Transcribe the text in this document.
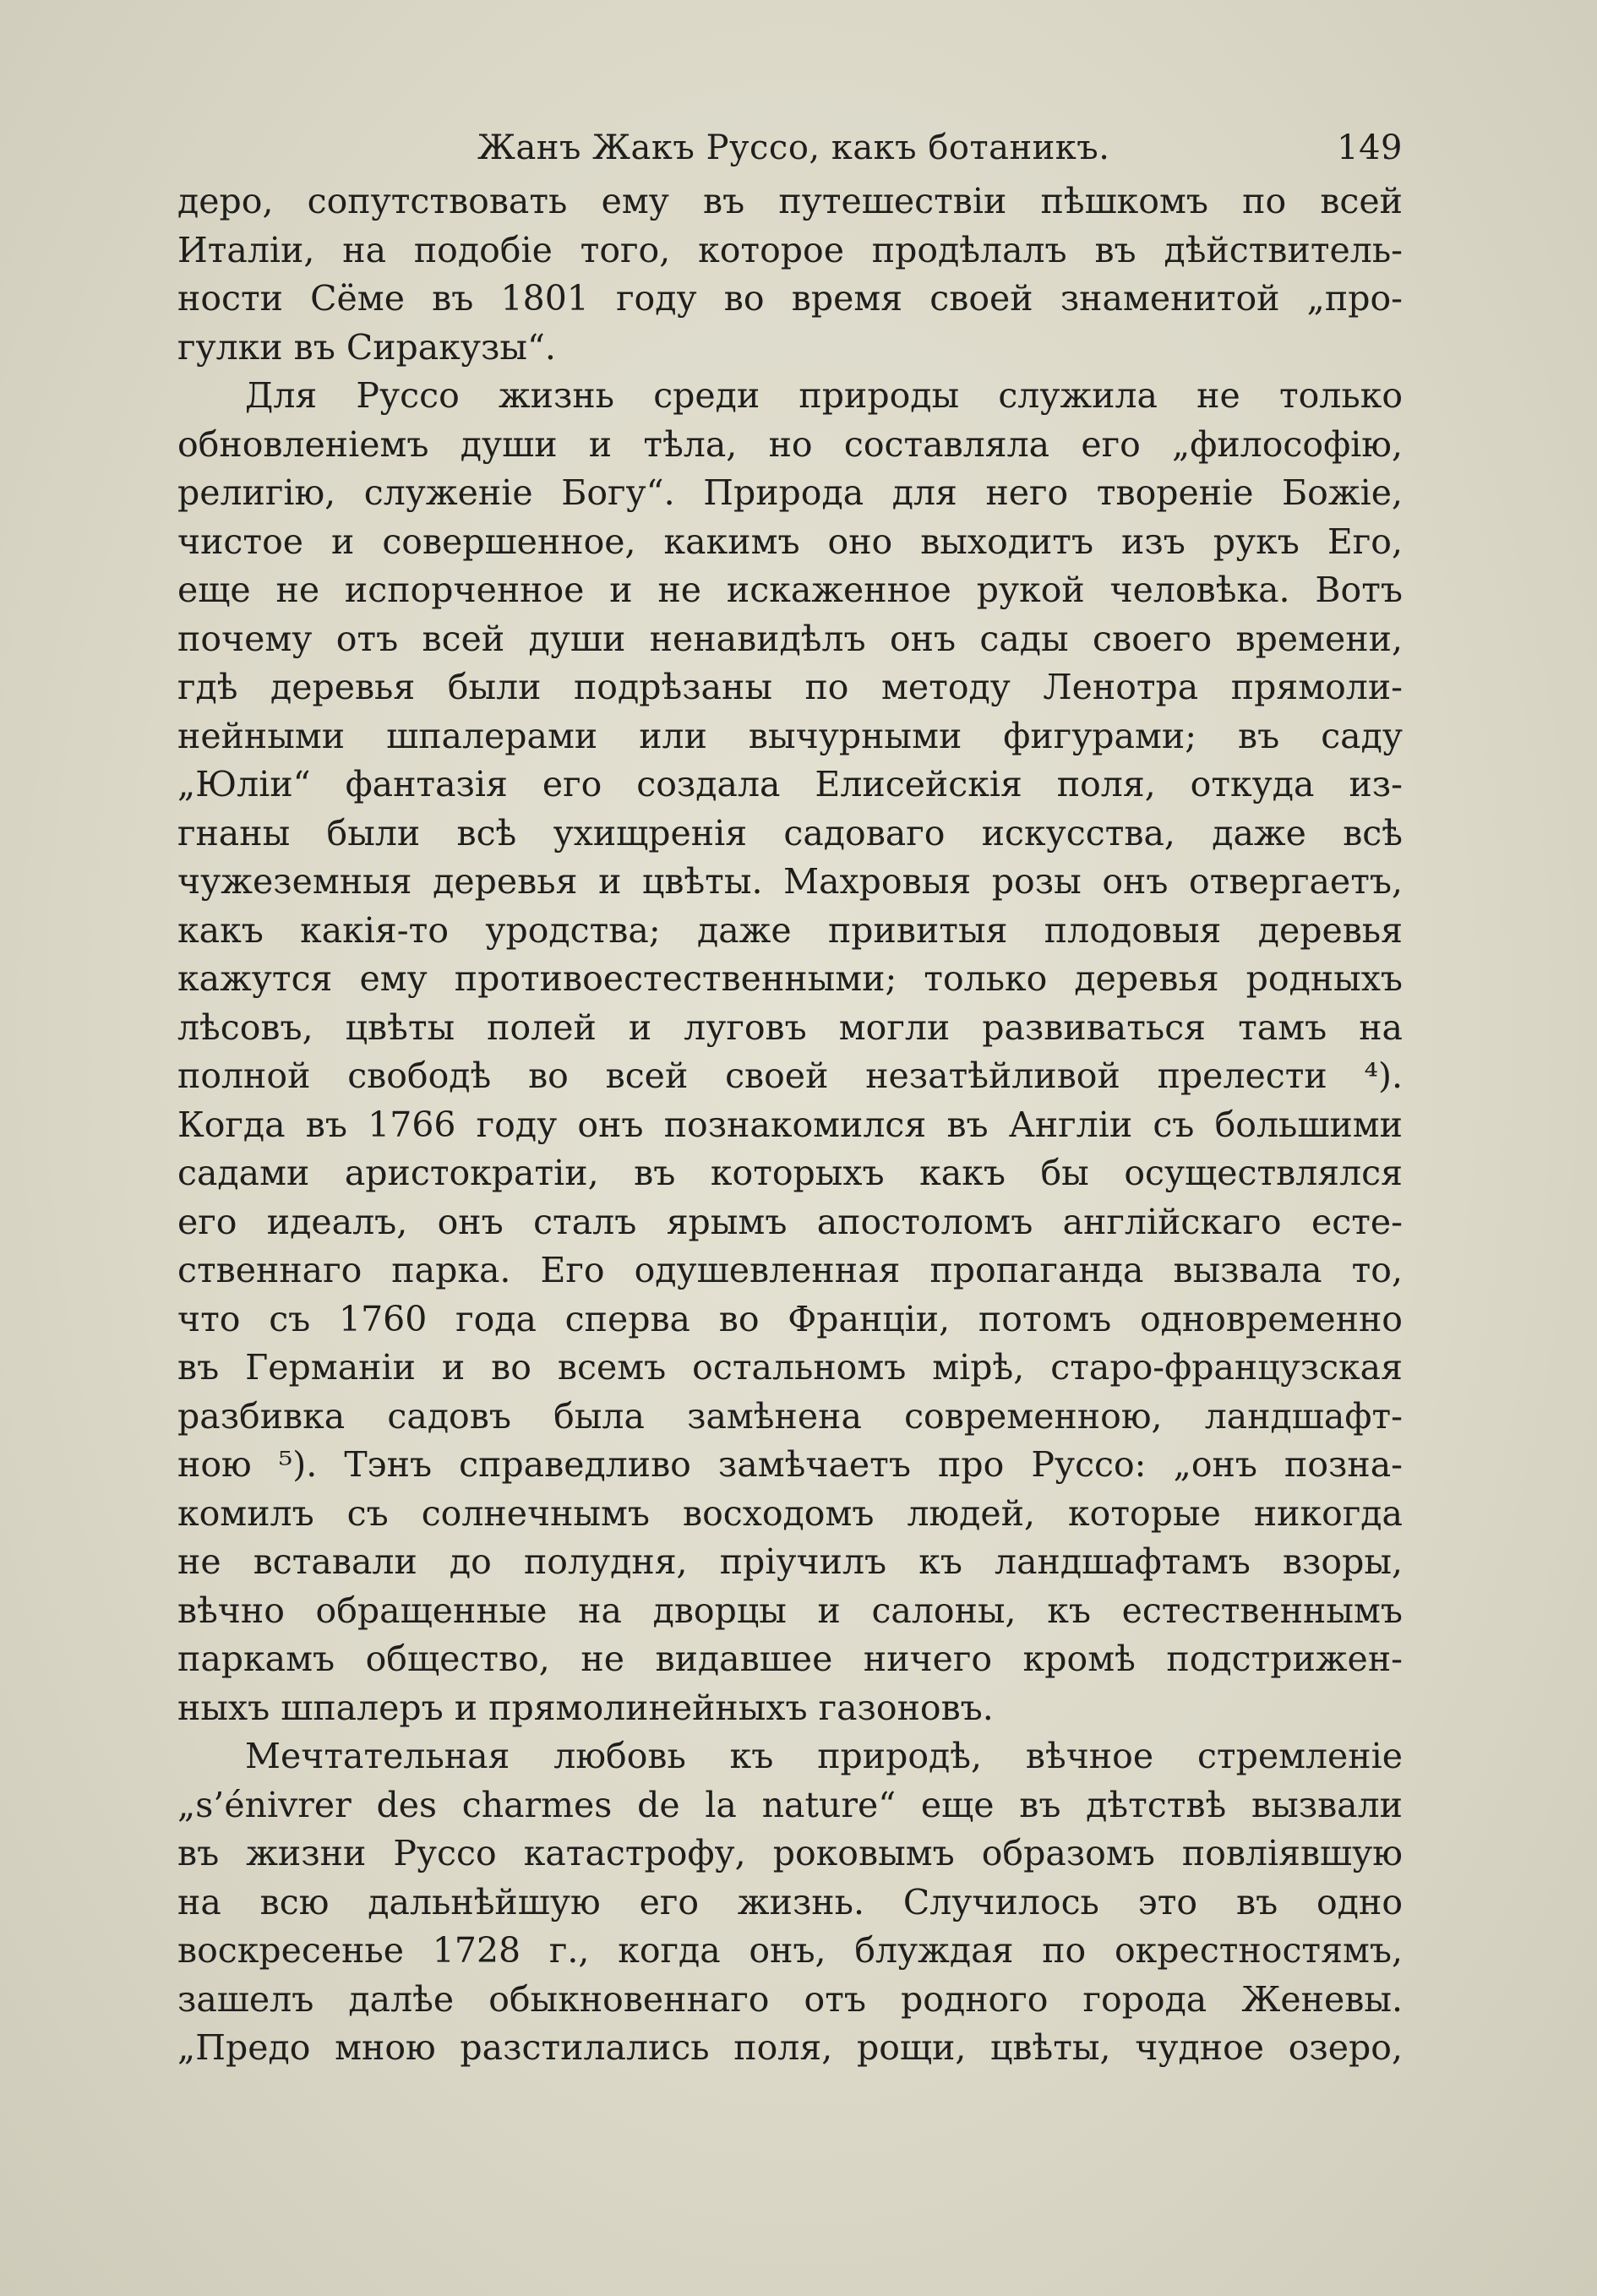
Жанъ Жакъ Руссо, какъ ботаникъ.	149
деро, сопутствовать ему въ путешествіи пѣшкомъ по всей
Италіи, на подобіе того, которое продѣлалъ въ дѣйствитель-
ности Сёме въ 1801 году во время своей знаменитой „про-
гулки въ Сиракузы“.
Для Руссо жизнь среди природы служила не только
обновленіемъ души и тѣла, но составляла его „философію,
религію, служеніе Богу“. Природа для него твореніе Божіе,
чистое и совершенное, какимъ оно выходитъ изъ рукъ Его,
еще не испорченное и не искаженное рукой человѣка. Вотъ
почему отъ всей души ненавидѣлъ онъ сады своего времени,
гдѣ деревья были подрѣзаны по методу Ленотра прямоли-
нейными шпалерами или вычурными фигурами; въ саду
„Юліи“ фантазія его создала Елисейскія поля, откуда из-
гнаны были всѣ ухищренія садоваго искусства, даже всѣ
чужеземныя деревья и цвѣты. Махровыя розы онъ отвергаетъ,
какъ какія-то уродства; даже привитыя плодовыя деревья
кажутся ему противоестественными; только деревья родныхъ
лѣсовъ, цвѣты полей и луговъ могли развиваться тамъ на
полной свободѣ во всей своей незатѣйливой прелести ⁴).
Когда въ 1766 году онъ познакомился въ Англіи съ большими
садами аристократіи, въ которыхъ какъ бы осуществлялся
его идеалъ, онъ сталъ ярымъ апостоломъ англійскаго есте-
ственнаго парка. Его одушевленная пропаганда вызвала то,
что съ 1760 года сперва во Франціи, потомъ одновременно
въ Германіи и во всемъ остальномъ мірѣ, старо-французская
разбивка садовъ была замѣнена современною, ландшафт-
ною ⁵). Тэнъ справедливо замѣчаетъ про Руссо: „онъ позна-
комилъ съ солнечнымъ восходомъ людей, которые никогда
не вставали до полудня, пріучилъ къ ландшафтамъ взоры,
вѣчно обращенные на дворцы и салоны, къ естественнымъ
паркамъ общество, не видавшее ничего кромѣ подстрижен-
ныхъ шпалеръ и прямолинейныхъ газоновъ.
Мечтательная любовь къ природѣ, вѣчное стремленіе
„s’énivrer des charmes de la nature“ еще въ дѣтствѣ вызвали
въ жизни Руссо катастрофу, роковымъ образомъ повліявшую
на всю дальнѣйшую его жизнь. Случилось это въ одно
воскресенье 1728 г., когда онъ, блуждая по окрестностямъ,
зашелъ далѣе обыкновеннаго отъ родного города Женевы.
„Предо мною разстилались поля, рощи, цвѣты, чудное озеро,
